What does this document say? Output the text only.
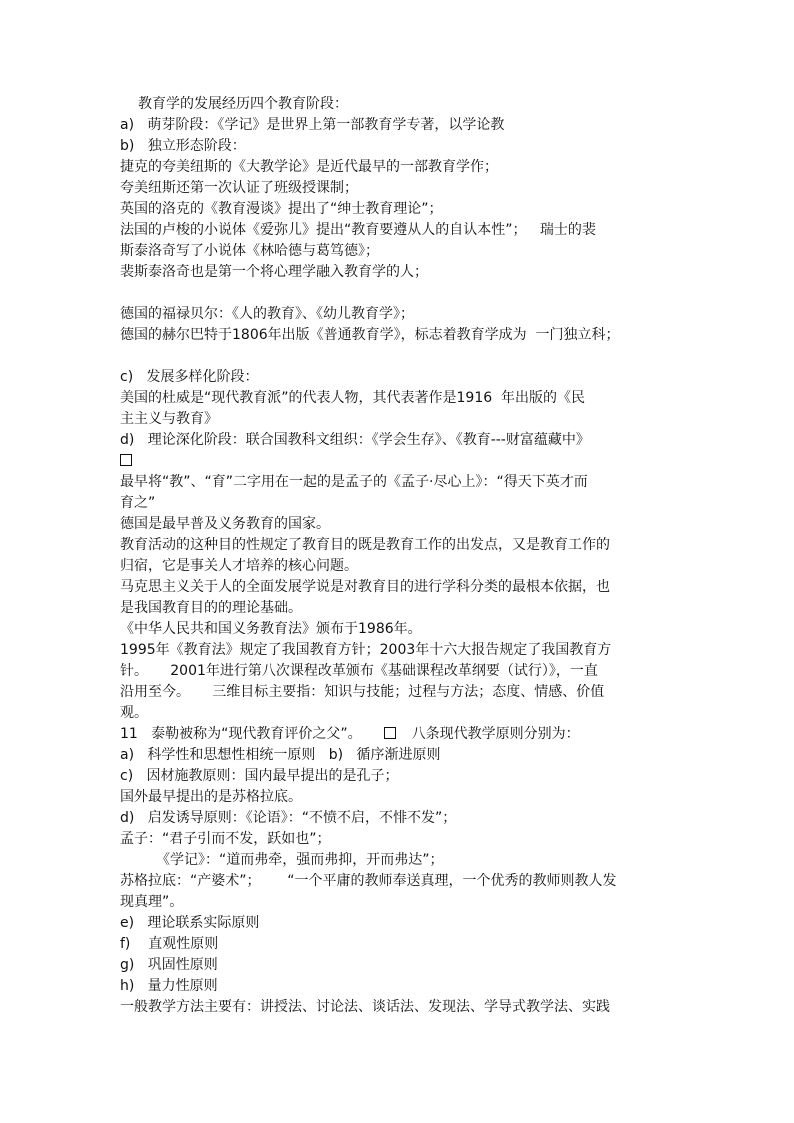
教育学的发展经历四个教育阶段：
a)   萌芽阶段：《学记》是世界上第一部教育学专著，以学论教
b)   独立形态阶段：
捷克的夸美纽斯的《大教学论》是近代最早的一部教育学作；
夸美纽斯还第一次认证了班级授课制；
英国的洛克的《教育漫谈》提出了“绅士教育理论”；
法国的卢梭的小说体《爱弥儿》提出“教育要遵从人的自认本性”；   瑞士的裴
斯泰洛奇写了小说体《林哈德与葛笃德》；
裴斯泰洛奇也是第一个将心理学融入教育学的人；
德国的福禄贝尔：《人的教育》、《幼儿教育学》；
德国的赫尔巴特于1806年出版《普通教育学》，标志着教育学成为  一门独立科；
c)   发展多样化阶段：
美国的杜威是“现代教育派”的代表人物，其代表著作是1916  年出版的《民
主主义与教育》
d)   理论深化阶段：联合国教科文组织：《学会生存》、《教育---财富蕴藏中》
最早将“教”、“育”二字用在一起的是孟子的《孟子·尽心上》：“得天下英才而
育之”
德国是最早普及义务教育的国家。
教育活动的这种目的性规定了教育目的既是教育工作的出发点，又是教育工作的
归宿，它是事关人才培养的核心问题。
马克思主义关于人的全面发展学说是对教育目的进行学科分类的最根本依据，也
是我国教育目的的理论基础。
《中华人民共和国义务教育法》颁布于1986年。
1995年《教育法》规定了我国教育方针；2003年十六大报告规定了我国教育方
针。     2001年进行第八次课程改革颁布《基础课程改革纲要（试行）》，一直
沿用至今。     三维目标主要指：知识与技能；过程与方法；态度、情感、价值
观。
11   泰勒被称为“现代教育评价之父”。	八条现代教学原则分别为：
a)   科学性和思想性相统一原则   b)   循序渐进原则
c)   因材施教原则：国内最早提出的是孔子；
国外最早提出的是苏格拉底。
d)   启发诱导原则：《论语》：“不愤不启，不悱不发”；
孟子：“君子引而不发，跃如也”；
《学记》：“道而弗牵，强而弗抑，开而弗达”；
苏格拉底：“产婆术”；      “一个平庸的教师奉送真理，一个优秀的教师则教人发
现真理”。
e)   理论联系实际原则
f)    直观性原则
g)   巩固性原则
h)   量力性原则
一般教学方法主要有：讲授法、讨论法、谈话法、发现法、学导式教学法、实践
